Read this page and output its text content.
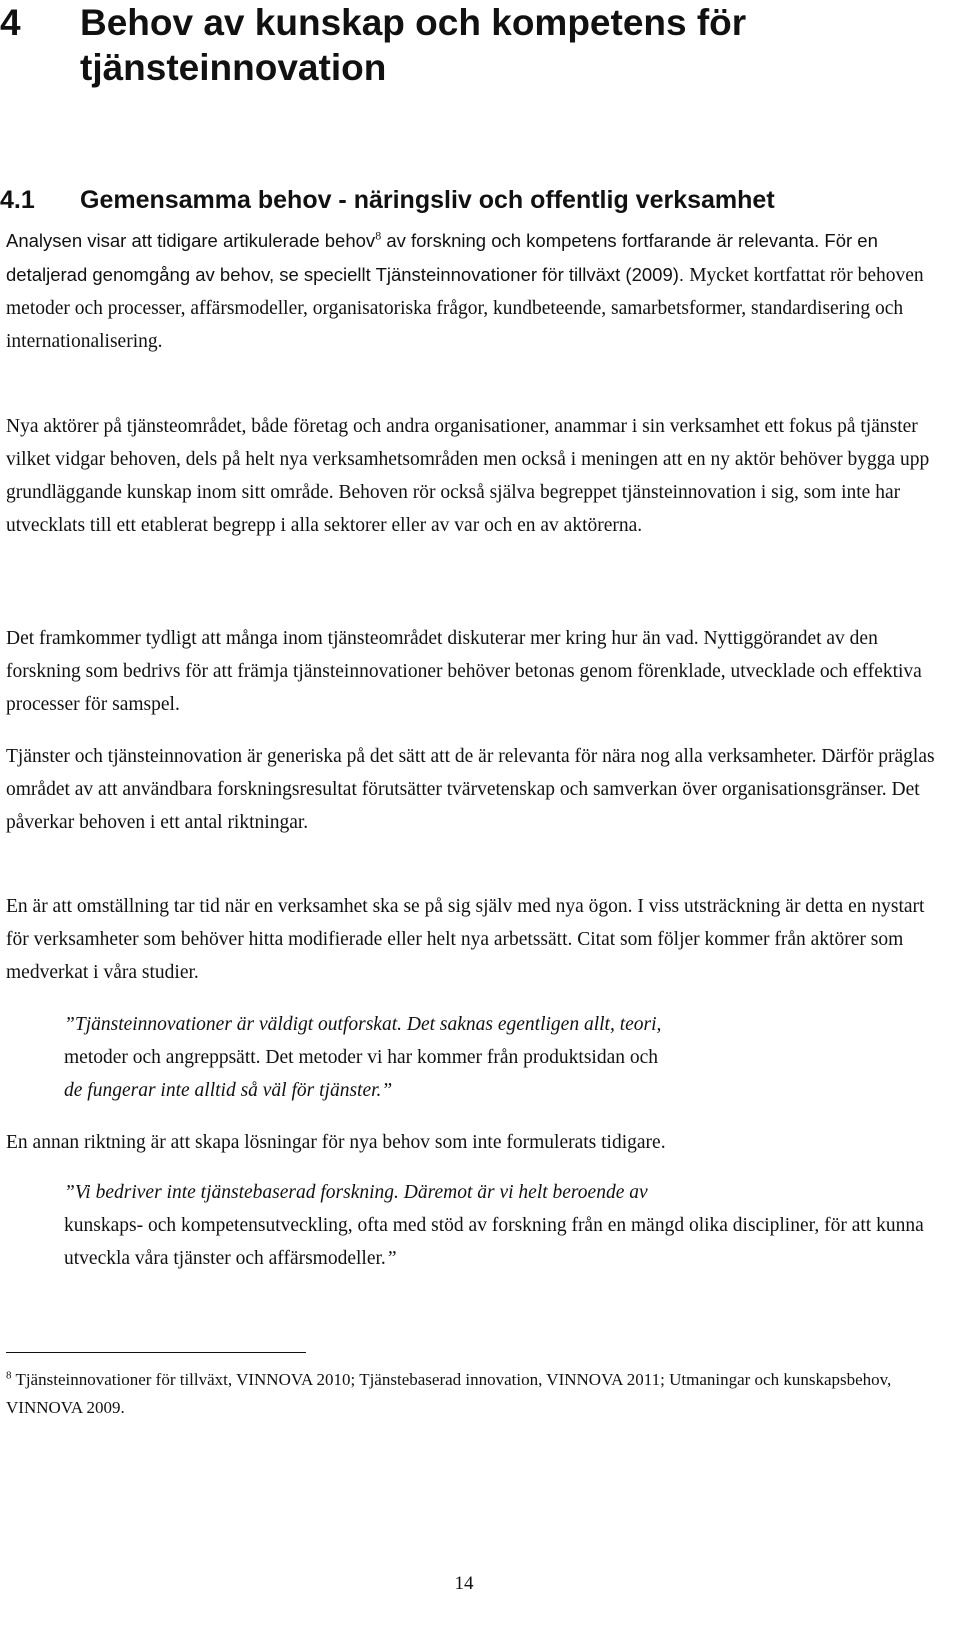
4 Behov av kunskap och kompetens för
tjänsteinnovation
4.1 Gemensamma behov - näringsliv och offentlig verksamhet

Analysen visar att tidigare artikulerade behov$^8$ av forskning och kompetens fortfarande är relevanta. För en detaljerad genomgång av behov, se speciellt Tjänsteinnovationer för tillväxt (2009). Mycket kortfattat rör behoven metoder och processer, affärsmodeller, organisatoriska frågor, kundbeteende, samarbetsformer, standardisering och internationalisering.

Nya aktörer på tjänsteområdet, både företag och andra organisationer, anammar i sin verksamhet ett fokus på tjänster vilket vidgar behoven, dels på helt nya verksamhetsområden men också i meningen att en ny aktör behöver bygga upp grundläggande kunskap inom sitt område. Behoven rör också själva begreppet tjänsteinnovation i sig, som inte har utvecklats till ett etablerat begrepp i alla sektorer eller av var och en av aktörerna.

Det framkommer tydligt att många inom tjänsteområdet diskuterar mer kring hur än vad. Nyttiggörandet av den forskning som bedrivs för att främja tjänsteinnovationer behöver betonas genom förenklade, utvecklade och effektiva processer för samspel.

Tjänster och tjänsteinnovation är generiska på det sätt att de är relevanta för nära nog alla verksamheter. Därför präglas området av att användbara forskningsresultat förutsätter tvärvetenskap och samverkan över organisationsgränser. Det påverkar behoven i ett antal riktningar.

En är att omställning tar tid när en verksamhet ska se på sig själv med nya ögon. I viss utsträckning är detta en nystart för verksamheter som behöver hitta modifierade eller helt nya arbetssätt. Citat som följer kommer från aktörer som medverkat i våra studier.

”Tjänsteinnovationer är väldigt outforskat. Det saknas egentligen allt, teori,
metoder och angreppsätt. Det metoder vi har kommer från produktsidan och
de fungerar inte alltid så väl för tjänster.”

En annan riktning är att skapa lösningar för nya behov som inte formulerats tidigare.

”Vi bedriver inte tjänstebaserad forskning. Däremot är vi helt beroende av
kunskaps- och kompetensutveckling, ofta med stöd av forskning från en mängd olika discipliner, för att kunna utveckla våra tjänster och affärsmodeller.”

$^8$ Tjänsteinnovationer för tillväxt, VINNOVA 2010; Tjänstebaserad innovation, VINNOVA 2011; Utmaningar och kunskapsbehov, VINNOVA 2009.

14
